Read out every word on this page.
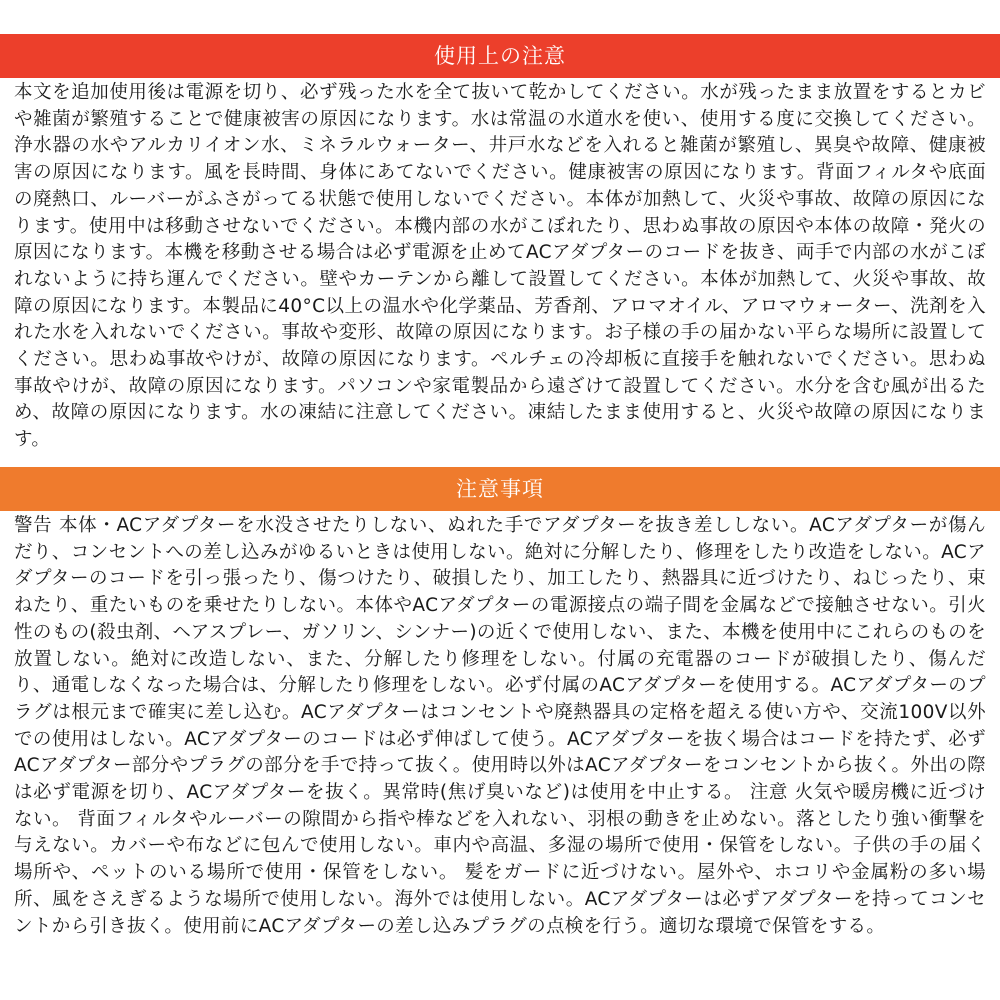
使用上の注意

本文を追加使用後は電源を切り、必ず残った水を全て抜いて乾かしてください。水が残ったまま放置をするとカビや雑菌が繁殖することで健康被害の原因になります。水は常温の水道水を使い、使用する度に交換してください。浄水器の水やアルカリイオン水、ミネラルウォーター、井戸水などを入れると雑菌が繁殖し、異臭や故障、健康被害の原因になります。風を長時間、身体にあてないでください。健康被害の原因になります。背面フィルタや底面の廃熱口、ルーバーがふさがってる状態で使用しないでください。本体が加熱して、火災や事故、故障の原因になります。使用中は移動させないでください。本機内部の水がこぼれたり、思わぬ事故の原因や本体の故障・発火の原因になります。本機を移動させる場合は必ず電源を止めてACアダプターのコードを抜き、両手で内部の水がこぼれないように持ち運んでください。壁やカーテンから離して設置してください。本体が加熱して、火災や事故、故障の原因になります。本製品に40°C以上の温水や化学薬品、芳香剤、アロマオイル、アロマウォーター、洗剤を入れた水を入れないでください。事故や変形、故障の原因になります。お子様の手の届かない平らな場所に設置してください。思わぬ事故やけが、故障の原因になります。ペルチェの冷却板に直接手を触れないでください。思わぬ事故やけが、故障の原因になります。パソコンや家電製品から遠ざけて設置してください。水分を含む風が出るため、故障の原因になります。水の凍結に注意してください。凍結したまま使用すると、火災や故障の原因になります。

注意事項

警告 本体・ACアダプターを水没させたりしない、ぬれた手でアダプターを抜き差ししない。ACアダプターが傷んだり、コンセントへの差し込みがゆるいときは使用しない。絶対に分解したり、修理をしたり改造をしない。ACアダプターのコードを引っ張ったり、傷つけたり、破損したり、加工したり、熱器具に近づけたり、ねじったり、束ねたり、重たいものを乗せたりしない。本体やACアダプターの電源接点の端子間を金属などで接触させない。引火性のもの(殺虫剤、ヘアスプレー、ガソリン、シンナー)の近くで使用しない、また、本機を使用中にこれらのものを放置しない。絶対に改造しない、また、分解したり修理をしない。付属の充電器のコードが破損したり、傷んだり、通電しなくなった場合は、分解したり修理をしない。必ず付属のACアダプターを使用する。ACアダプターのプラグは根元まで確実に差し込む。ACアダプターはコンセントや廃熱器具の定格を超える使い方や、交流100V以外での使用はしない。ACアダプターのコードは必ず伸ばして使う。ACアダプターを抜く場合はコードを持たず、必ずACアダプター部分やプラグの部分を手で持って抜く。使用時以外はACアダプターをコンセントから抜く。外出の際は必ず電源を切り、ACアダプターを抜く。異常時(焦げ臭いなど)は使用を中止する。 注意 火気や暖房機に近づけない。 背面フィルタやルーバーの隙間から指や棒などを入れない、羽根の動きを止めない。落としたり強い衝撃を与えない。カバーや布などに包んで使用しない。車内や高温、多湿の場所で使用・保管をしない。子供の手の届く場所や、ペットのいる場所で使用・保管をしない。 髪をガードに近づけない。屋外や、ホコリや金属粉の多い場所、風をさえぎるような場所で使用しない。海外では使用しない。ACアダプターは必ずアダプターを持ってコンセントから引き抜く。使用前にACアダプターの差し込みプラグの点検を行う。適切な環境で保管をする。
